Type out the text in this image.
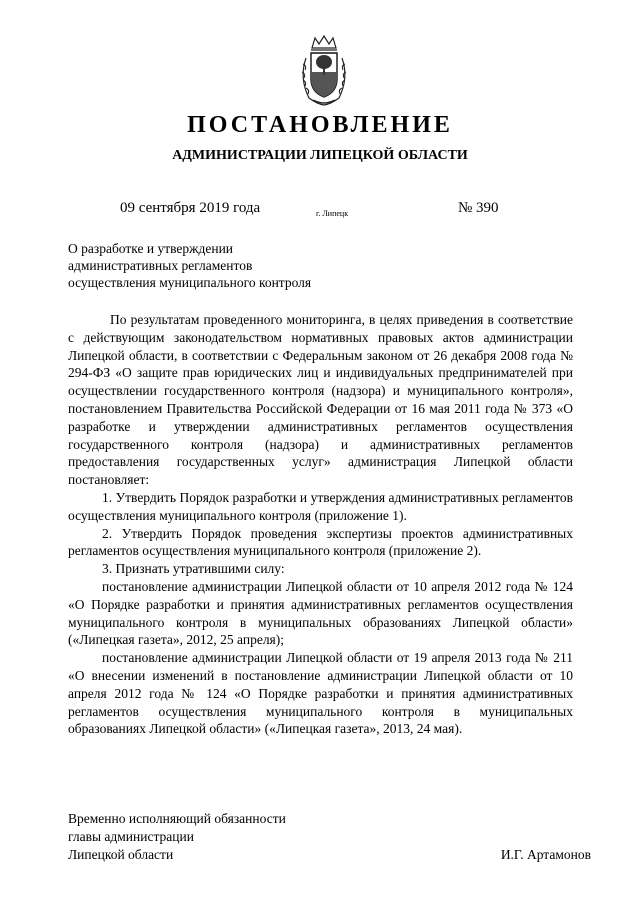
ПОСТАНОВЛЕНИЕ
АДМИНИСТРАЦИИ ЛИПЕЦКОЙ ОБЛАСТИ
09 сентября 2019 года	г. Липецк	№ 390
О разработке и утверждении
административных регламентов
осуществления муниципального контроля

По результатам проведенного мониторинга, в целях приведения в соответствие с действующим законодательством нормативных правовых актов администрации Липецкой области, в соответствии с Федеральным законом от 26 декабря 2008 года № 294-ФЗ «О защите прав юридических лиц и индивидуальных предпринимателей при осуществлении государственного контроля (надзора) и муниципального контроля», постановлением Правительства Российской Федерации от 16 мая 2011 года № 373 «О разработке и утверждении административных регламентов осуществления государственного контроля (надзора) и административных регламентов предоставления государственных услуг» администрация Липецкой области постановляет:

1. Утвердить Порядок разработки и утверждения административных регламентов осуществления муниципального контроля (приложение 1).

2. Утвердить Порядок проведения экспертизы проектов административных регламентов осуществления муниципального контроля (приложение 2).

3. Признать утратившими силу:

постановление администрации Липецкой области от 10 апреля 2012 года № 124 «О Порядке разработки и принятия административных регламентов осуществления муниципального контроля в муниципальных образованиях Липецкой области» («Липецкая газета», 2012, 25 апреля);

постановление администрации Липецкой области от 19 апреля 2013 года № 211 «О внесении изменений в постановление администрации Липецкой области от 10 апреля 2012 года № 124 «О Порядке разработки и принятия административных регламентов осуществления муниципального контроля в муниципальных образованиях Липецкой области» («Липецкая газета», 2013, 24 мая).

Временно исполняющий обязанности
главы администрации
Липецкой области	И.Г. Артамонов
